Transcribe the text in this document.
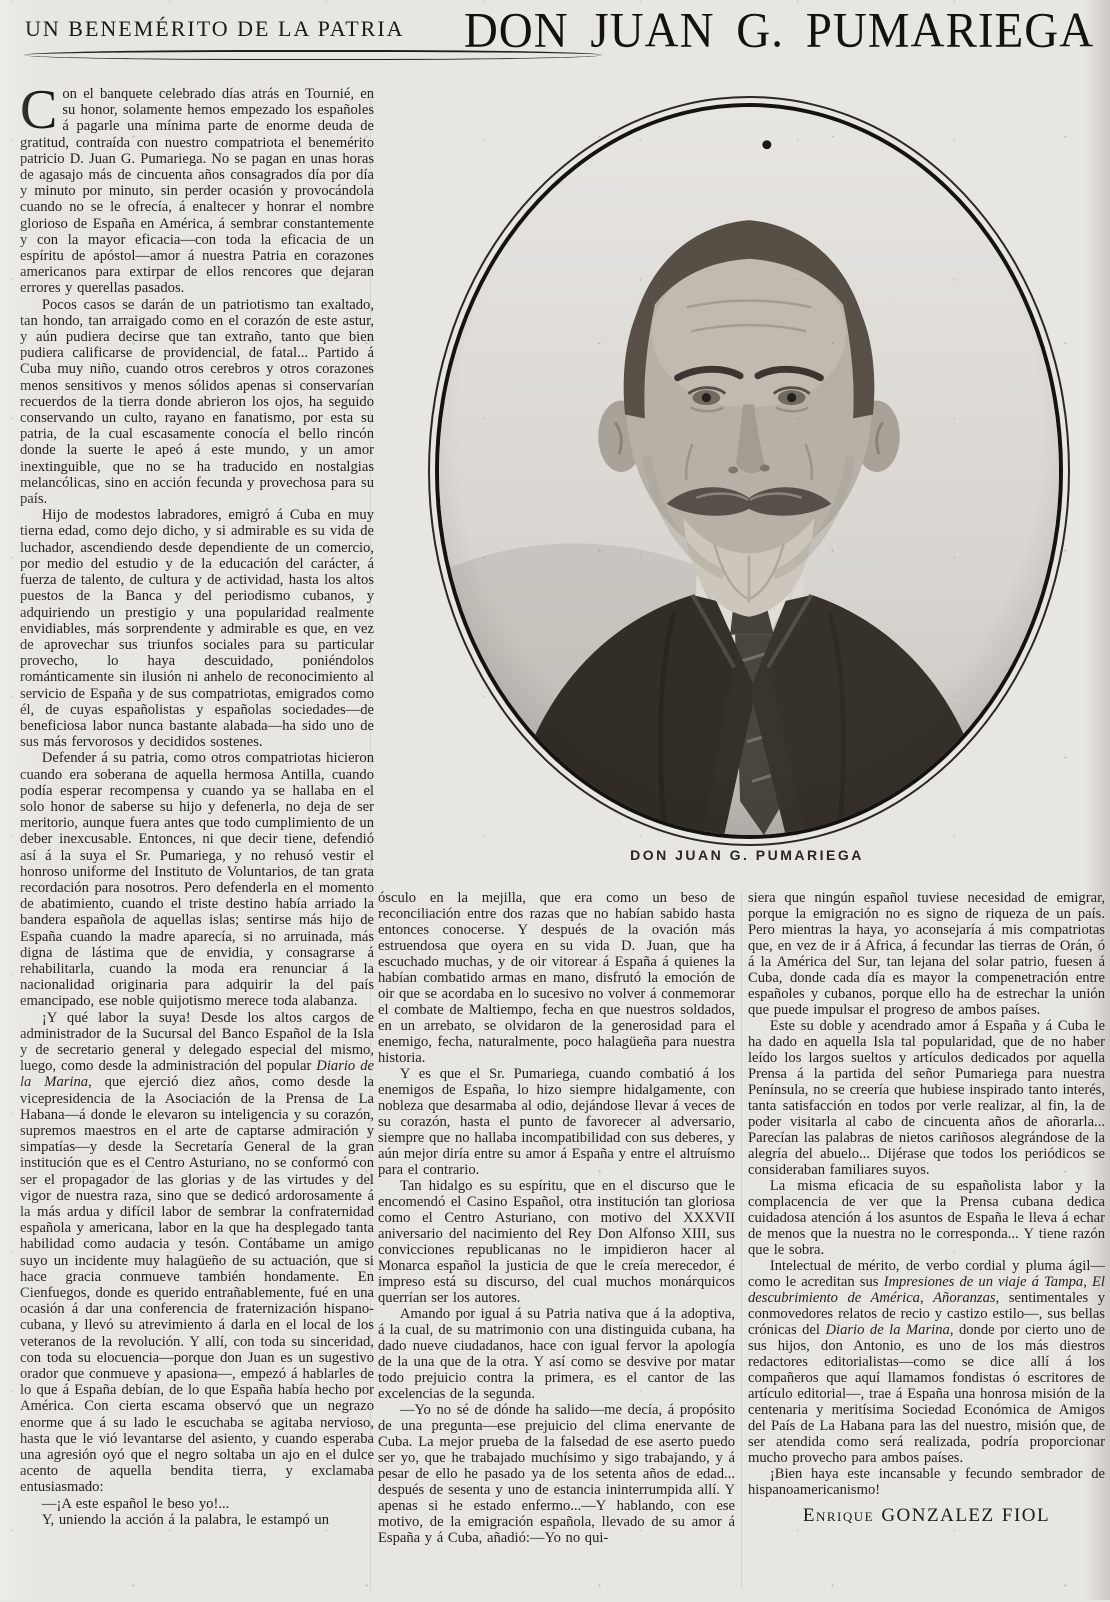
UN BENEMÉRITO DE LA PATRIA	DON JUAN G. PUMARIEGA
DON JUAN G. PUMARIEGA

Con el banquete celebrado días atrás en Tournié, en su honor, solamente hemos empezado los españoles á pagarle una mínima parte de enorme deuda de gratitud, contraída con nuestro compatriota el benemérito patricio D. Juan G. Pumariega. No se pagan en unas horas de agasajo más de cincuenta años consagrados día por día y minuto por minuto, sin perder ocasión y provocándola cuando no se le ofrecía, á enaltecer y honrar el nombre glorioso de España en América, á sembrar constantemente y con la mayor eficacia—con toda la eficacia de un espíritu de apóstol—amor á nuestra Patria en corazones americanos para extirpar de ellos rencores que dejaran errores y querellas pasados.

Pocos casos se darán de un patriotismo tan exaltado, tan hondo, tan arraigado como en el corazón de este astur, y aún pudiera decirse que tan extraño, tanto que bien pudiera calificarse de providencial, de fatal... Partido á Cuba muy niño, cuando otros cerebros y otros corazones menos sensitivos y menos sólidos apenas si conservarían recuerdos de la tierra donde abrieron los ojos, ha seguido conservando un culto, rayano en fanatismo, por esta su patria, de la cual escasamente conocía el bello rincón donde la suerte le apeó á este mundo, y un amor inextinguible, que no se ha traducido en nostalgias melancólicas, sino en acción fecunda y provechosa para su país.

Hijo de modestos labradores, emigró á Cuba en muy tierna edad, como dejo dicho, y si admirable es su vida de luchador, ascendiendo desde dependiente de un comercio, por medio del estudio y de la educación del carácter, á fuerza de talento, de cultura y de actividad, hasta los altos puestos de la Banca y del periodismo cubanos, y adquiriendo un prestigio y una popularidad realmente envidiables, más sorprendente y admirable es que, en vez de aprovechar sus triunfos sociales para su particular provecho, lo haya descuidado, poniéndolos románticamente sin ilusión ni anhelo de reconocimiento al servicio de España y de sus compatriotas, emigrados como él, de cuyas españolistas y españolas sociedades—de beneficiosa labor nunca bastante alabada—ha sido uno de sus más fervorosos y decididos sostenes.

Defender á su patria, como otros compatriotas hicieron cuando era soberana de aquella hermosa Antilla, cuando podía esperar recompensa y cuando ya se hallaba en el solo honor de saberse su hijo y defenerla, no deja de ser meritorio, aunque fuera antes que todo cumplimiento de un deber inexcusable. Entonces, ni que decir tiene, defendió así á la suya el Sr. Pumariega, y no rehusó vestir el honroso uniforme del Instituto de Voluntarios, de tan grata recordación para nosotros. Pero defenderla en el momento de abatimiento, cuando el triste destino había arriado la bandera española de aquellas islas; sentirse más hijo de España cuando la madre aparecía, si no arruinada, más digna de lástima que de envidia, y consagrarse á rehabilitarla, cuando la moda era renunciar á la nacionalidad originaria para adquirir la del país emancipado, ese noble quijotismo merece toda alabanza.

¡Y qué labor la suya! Desde los altos cargos de administrador de la Sucursal del Banco Español de la Isla y de secretario general y delegado especial del mismo, luego, como desde la administración del popular Diario de la Marina, que ejerció diez años, como desde la vicepresidencia de la Asociación de la Prensa de La Habana—á donde le elevaron su inteligencia y su corazón, supremos maestros en el arte de captarse admiración y simpatías—y desde la Secretaría General de la gran institución que es el Centro Asturiano, no se conformó con ser el propagador de las glorias y de las virtudes y del vigor de nuestra raza, sino que se dedicó ardorosamente á la más ardua y difícil labor de sembrar la confraternidad española y americana, labor en la que ha desplegado tanta habilidad como audacia y tesón. Contábame un amigo suyo un incidente muy halagüeño de su actuación, que si hace gracia conmueve también hondamente. En Cienfuegos, donde es querido entrañablemente, fué en una ocasión á dar una conferencia de fraternización hispano-cubana, y llevó su atrevimiento á darla en el local de los veteranos de la revolución. Y allí, con toda su sinceridad, con toda su elocuencia—porque don Juan es un sugestivo orador que conmueve y apasiona—, empezó á hablarles de lo que á España debían, de lo que España había hecho por América. Con cierta escama observó que un negrazo enorme que á su lado le escuchaba se agitaba nervioso, hasta que le vió levantarse del asiento, y cuando esperaba una agresión oyó que el negro soltaba un ajo en el dulce acento de aquella bendita tierra, y exclamaba entusiasmado:

—¡A este español le beso yo!...

Y, uniendo la acción á la palabra, le estampó un

ósculo en la mejilla, que era como un beso de reconciliación entre dos razas que no habían sabido hasta entonces conocerse. Y después de la ovación más estruendosa que oyera en su vida D. Juan, que ha escuchado muchas, y de oir vitorear á España á quienes la habían combatido armas en mano, disfrutó la emoción de oir que se acordaba en lo sucesivo no volver á conmemorar el combate de Maltiempo, fecha en que nuestros soldados, en un arrebato, se olvidaron de la generosidad para el enemigo, fecha, naturalmente, poco halagüeña para nuestra historia.

Y es que el Sr. Pumariega, cuando combatió á los enemigos de España, lo hizo siempre hidalgamente, con nobleza que desarmaba al odio, dejándose llevar á veces de su corazón, hasta el punto de favorecer al adversario, siempre que no hallaba incompatibilidad con sus deberes, y aún mejor diría entre su amor á España y entre el altruísmo para el contrario.

Tan hidalgo es su espíritu, que en el discurso que le encomendó el Casino Español, otra institución tan gloriosa como el Centro Asturiano, con motivo del XXXVII aniversario del nacimiento del Rey Don Alfonso XIII, sus convicciones republicanas no le impidieron hacer al Monarca español la justicia de que le creía merecedor, é impreso está su discurso, del cual muchos monárquicos querrían ser los autores.

Amando por igual á su Patria nativa que á la adoptiva, á la cual, de su matrimonio con una distinguida cubana, ha dado nueve ciudadanos, hace con igual fervor la apología de la una que de la otra. Y así como se desvive por matar todo prejuicio contra la primera, es el cantor de las excelencias de la segunda.

—Yo no sé de dónde ha salido—me decía, á propósito de una pregunta—ese prejuicio del clima enervante de Cuba. La mejor prueba de la falsedad de ese aserto puedo ser yo, que he trabajado muchísimo y sigo trabajando, y á pesar de ello he pasado ya de los setenta años de edad... después de sesenta y uno de estancia ininterrumpida allí. Y apenas si he estado enfermo...—Y hablando, con ese motivo, de la emigración española, llevado de su amor á España y á Cuba, añadió:—Yo no qui-

siera que ningún español tuviese necesidad de emigrar, porque la emigración no es signo de riqueza de un país. Pero mientras la haya, yo aconsejaría á mis compatriotas que, en vez de ir á Africa, á fecundar las tierras de Orán, ó á la América del Sur, tan lejana del solar patrio, fuesen á Cuba, donde cada día es mayor la compenetración entre españoles y cubanos, porque ello ha de estrechar la unión que puede impulsar el progreso de ambos países.

Este su doble y acendrado amor á España y á Cuba le ha dado en aquella Isla tal popularidad, que de no haber leído los largos sueltos y artículos dedicados por aquella Prensa á la partida del señor Pumariega para nuestra Península, no se creería que hubiese inspirado tanto interés, tanta satisfacción en todos por verle realizar, al fin, la de poder visitarla al cabo de cincuenta años de añorarla... Parecían las palabras de nietos cariñosos alegrándose de la alegría del abuelo... Dijérase que todos los periódicos se consideraban familiares suyos.

La misma eficacia de su españolista labor y la complacencia de ver que la Prensa cubana dedica cuidadosa atención á los asuntos de España le lleva á echar de menos que la nuestra no le corresponda... Y tiene razón que le sobra.

Intelectual de mérito, de verbo cordial y pluma ágil—como le acreditan sus Impresiones de un viaje á Tampa, El descubrimiento de América, Añoranzas, sentimentales y conmovedores relatos de recio y castizo estilo—, sus bellas crónicas del Diario de la Marina, donde por cierto uno de sus hijos, don Antonio, es uno de los más diestros redactores editorialistas—como se dice allí á los compañeros que aquí llamamos fondistas ó escritores de artículo editorial—, trae á España una honrosa misión de la centenaria y meritísima Sociedad Económica de Amigos del País de La Habana para las del nuestro, misión que, de ser atendida como será realizada, podría proporcionar mucho provecho para ambos países.

¡Bien haya este incansable y fecundo sembrador de hispanoamericanismo!

Enrique GONZALEZ FIOL
